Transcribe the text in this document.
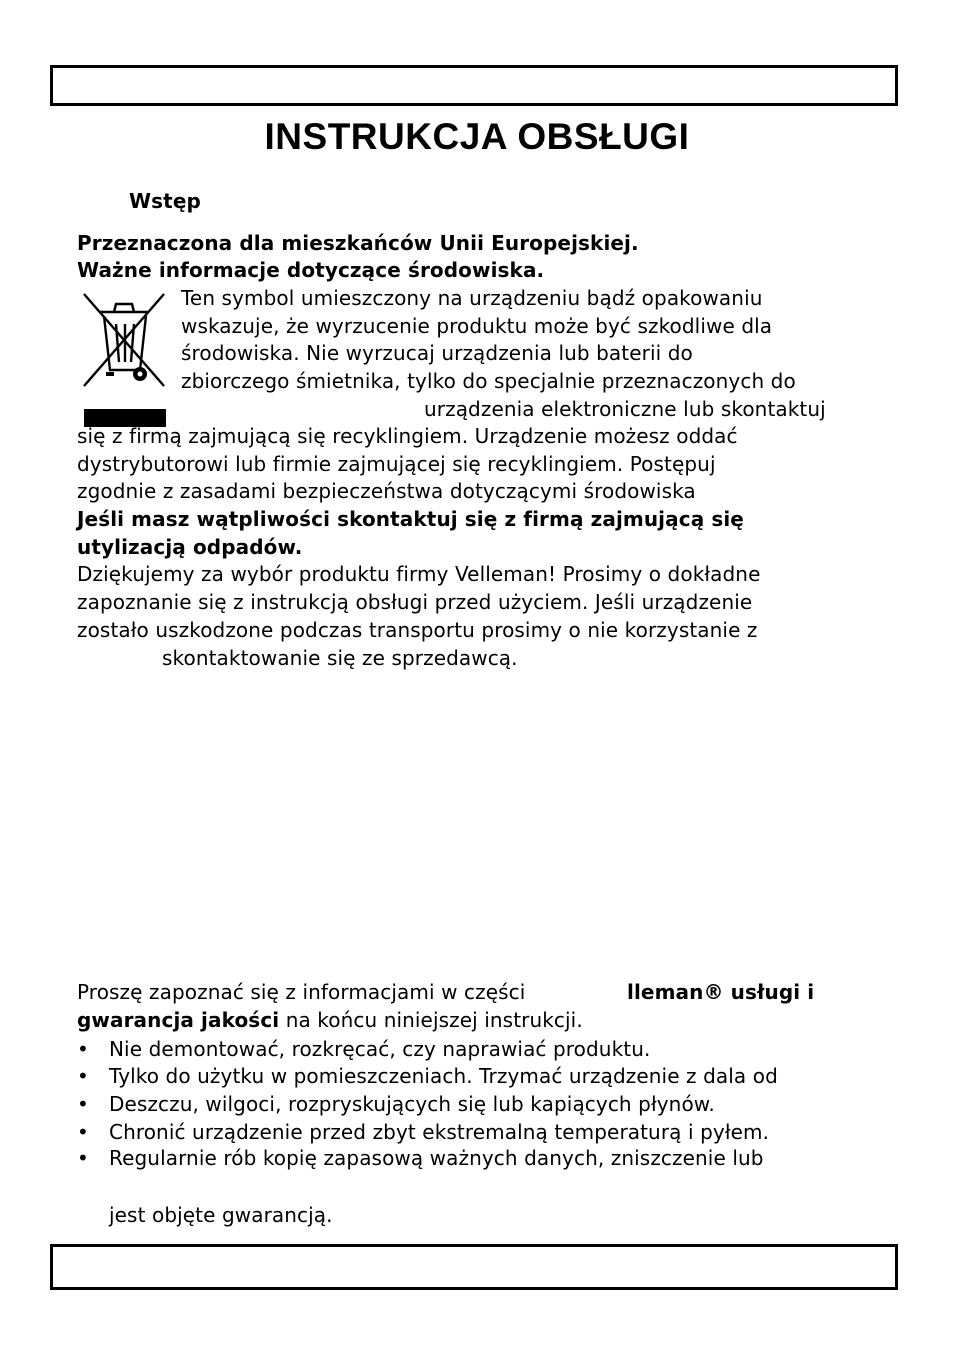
INSTRUKCJA OBSŁUGI
Wstęp
Przeznaczona dla mieszkańców Unii Europejskiej.
Ważne informacje dotyczące środowiska.
Ten symbol umieszczony na urządzeniu bądź opakowaniu
wskazuje, że wyrzucenie produktu może być szkodliwe dla
środowiska. Nie wyrzucaj urządzenia lub baterii do
zbiorczego śmietnika, tylko do specjalnie przeznaczonych do
urządzenia elektroniczne lub skontaktuj
się z firmą zajmującą się recyklingiem. Urządzenie możesz oddać
dystrybutorowi lub firmie zajmującej się recyklingiem. Postępuj
zgodnie z zasadami bezpieczeństwa dotyczącymi środowiska
Jeśli masz wątpliwości skontaktuj się z firmą zajmującą się
utylizacją odpadów.
Dziękujemy za wybór produktu firmy Velleman! Prosimy o dokładne
zapoznanie się z instrukcją obsługi przed użyciem. Jeśli urządzenie
zostało uszkodzone podczas transportu prosimy o nie korzystanie z
skontaktowanie się ze sprzedawcą.
Proszę zapoznać się z informacjami w części	lleman® usługi i
gwarancja jakości na końcu niniejszej instrukcji.
• Nie demontować, rozkręcać, czy naprawiać produktu.
• Tylko do użytku w pomieszczeniach. Trzymać urządzenie z dala od
• Deszczu, wilgoci, rozpryskujących się lub kapiących płynów.
• Chronić urządzenie przed zbyt ekstremalną temperaturą i pyłem.
• Regularnie rób kopię zapasową ważnych danych, zniszczenie lub
jest objęte gwarancją.
